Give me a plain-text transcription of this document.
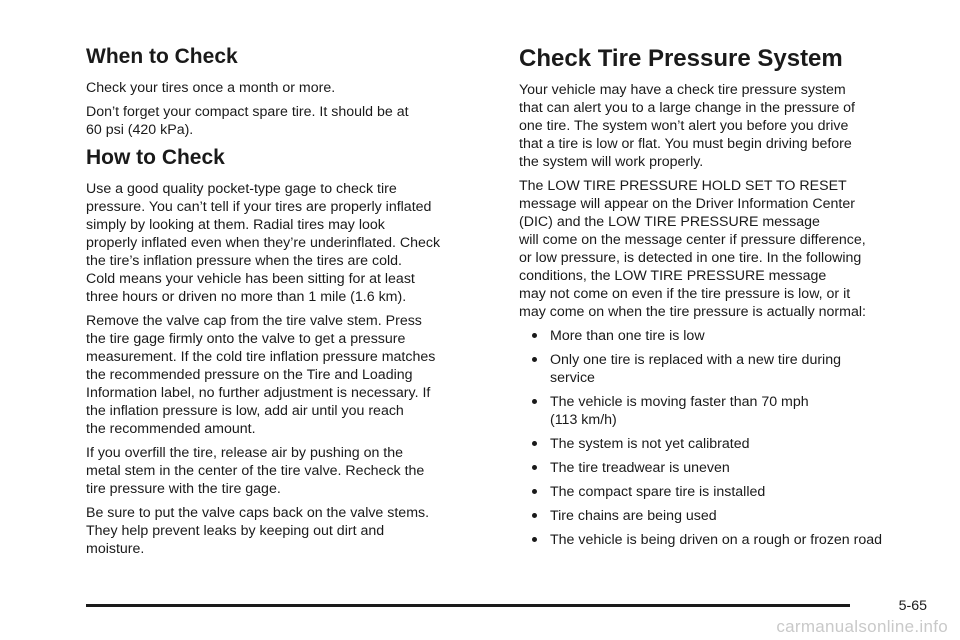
When to Check

Check your tires once a month or more.

Don’t forget your compact spare tire. It should be at
60 psi (420 kPa).

How to Check

Use a good quality pocket-type gage to check tire
pressure. You can’t tell if your tires are properly inflated
simply by looking at them. Radial tires may look
properly inflated even when they’re underinflated. Check
the tire’s inflation pressure when the tires are cold.
Cold means your vehicle has been sitting for at least
three hours or driven no more than 1 mile (1.6 km).

Remove the valve cap from the tire valve stem. Press
the tire gage firmly onto the valve to get a pressure
measurement. If the cold tire inflation pressure matches
the recommended pressure on the Tire and Loading
Information label, no further adjustment is necessary. If
the inflation pressure is low, add air until you reach
the recommended amount.

If you overfill the tire, release air by pushing on the
metal stem in the center of the tire valve. Recheck the
tire pressure with the tire gage.

Be sure to put the valve caps back on the valve stems.
They help prevent leaks by keeping out dirt and
moisture.

Check Tire Pressure System

Your vehicle may have a check tire pressure system
that can alert you to a large change in the pressure of
one tire. The system won’t alert you before you drive
that a tire is low or flat. You must begin driving before
the system will work properly.

The LOW TIRE PRESSURE HOLD SET TO RESET
message will appear on the Driver Information Center
(DIC) and the LOW TIRE PRESSURE message
will come on the message center if pressure difference,
or low pressure, is detected in one tire. In the following
conditions, the LOW TIRE PRESSURE message
may not come on even if the tire pressure is low, or it
may come on when the tire pressure is actually normal:

More than one tire is low
Only one tire is replaced with a new tire during
service
The vehicle is moving faster than 70 mph
(113 km/h)
The system is not yet calibrated
The tire treadwear is uneven
The compact spare tire is installed
Tire chains are being used
The vehicle is being driven on a rough or frozen road
5-65
carmanualsonline.info
